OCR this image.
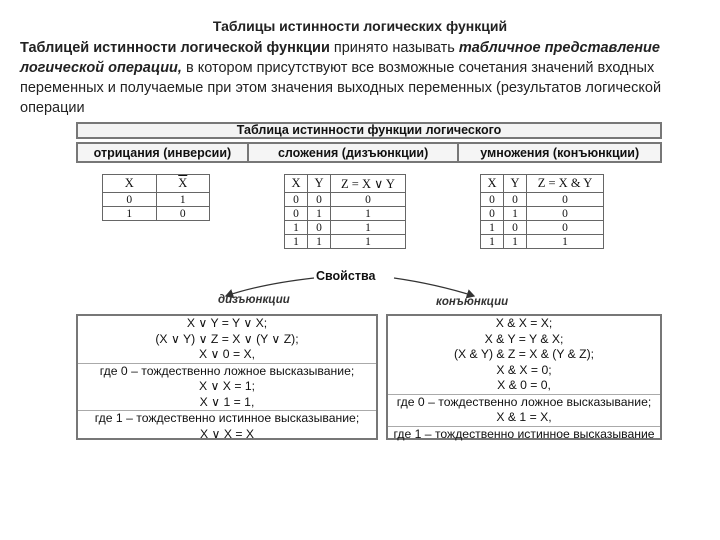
Таблицы истинности логических функций
Таблицей истинности логической функции принято называть табличное представление логической операции, в котором присутствуют все возможные сочетания значений входных переменных и получаемые при этом значения выходных переменных (результатов логической операции
Таблица истинности функции логического
отрицания (инверсии)	сложения (дизъюнкции)	умножения (конъюнкции)
X	$\overline{X}$
0	1
1	0
X	Y	Z = X ∨ Y
0	0	0
0	1	1
1	0	1
1	1	1
X	Y	Z = X & Y
0	0	0
0	1	0
1	0	0
1	1	1
Свойства
дизъюнкции	конъюнкции
X ∨ Y = Y ∨ X;
(X ∨ Y) ∨ Z = X ∨ (Y ∨ Z);
X ∨ 0 = X,
где 0 – тождественно ложное высказывание;
X ∨ X = 1;
X ∨ 1 = 1,
где 1 – тождественно истинное высказывание;
X ∨ X = X
X & X = X;
X & Y = Y & X;
(X & Y) & Z = X & (Y & Z);
X & X = 0;
X & 0 = 0,
где 0 – тождественно ложное высказывание;
X & 1 = X,
где 1 – тождественно истинное высказывание
